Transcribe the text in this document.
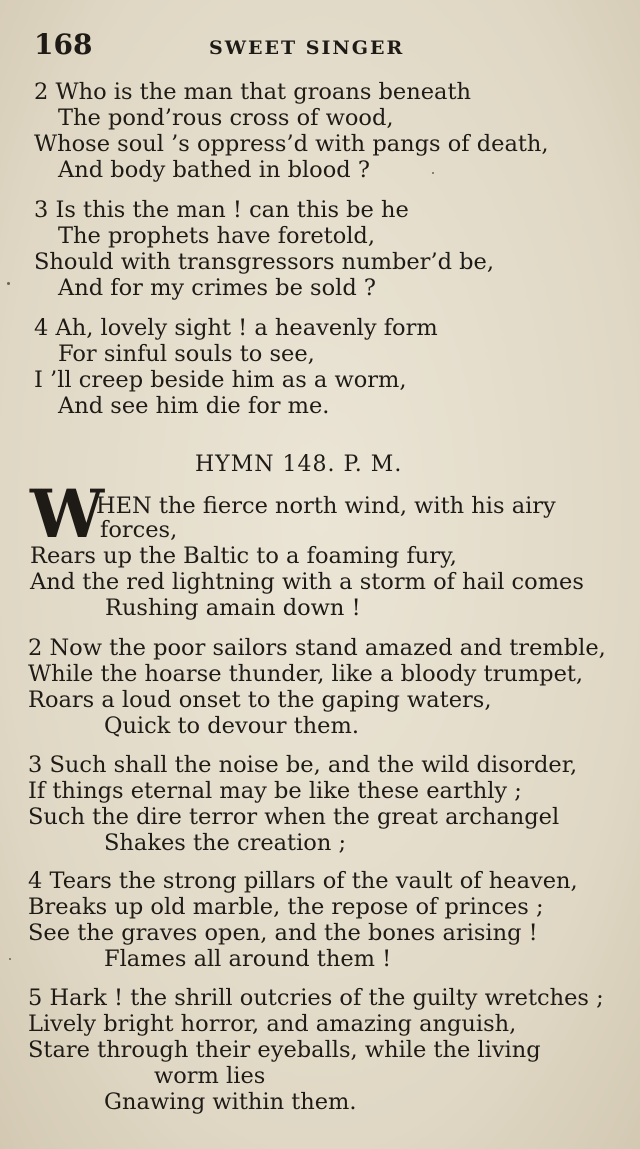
168	SWEET SINGER
2 Who is the man that groans beneath
The pond’rous cross of wood,
Whose soul ’s oppress’d with pangs of death,
And body bathed in blood ?
3 Is this the man ! can this be he
The prophets have foretold,
Should with transgressors number’d be,
And for my crimes be sold ?
4 Ah, lovely sight ! a heavenly form
For sinful souls to see,
I ’ll creep beside him as a worm,
And see him die for me.
HYMN 148. P. M.
W
HEN the fierce north wind, with his airy
forces,
Rears up the Baltic to a foaming fury,
And the red lightning with a storm of hail comes
Rushing amain down !
2 Now the poor sailors stand amazed and tremble,
While the hoarse thunder, like a bloody trumpet,
Roars a loud onset to the gaping waters,
Quick to devour them.
3 Such shall the noise be, and the wild disorder,
If things eternal may be like these earthly ;
Such the dire terror when the great archangel
Shakes the creation ;
4 Tears the strong pillars of the vault of heaven,
Breaks up old marble, the repose of princes ;
See the graves open, and the bones arising !
Flames all around them !
5 Hark ! the shrill outcries of the guilty wretches ;
Lively bright horror, and amazing anguish,
Stare through their eyeballs, while the living
worm lies
Gnawing within them.
